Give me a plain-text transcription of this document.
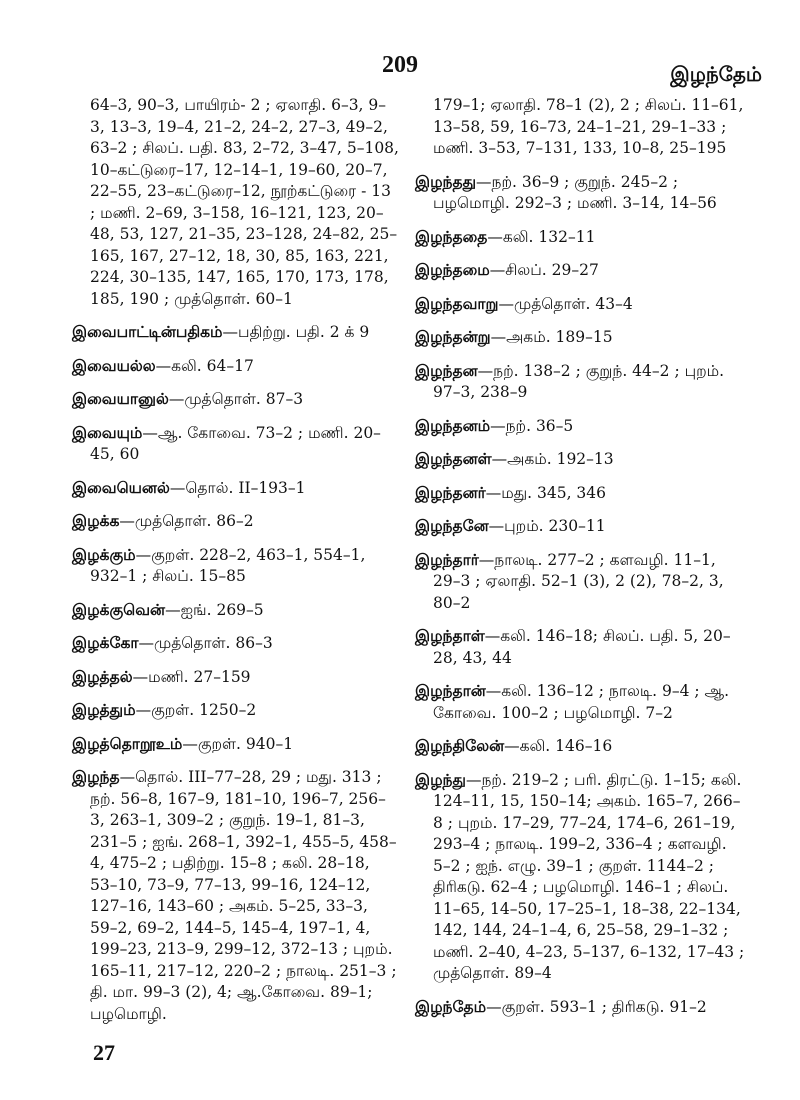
209	இழந்தேம்
64–3, 90–3, பாயிரம்- 2 ; ஏலாதி. 6–3, 9–3, 13–3, 19–4, 21–2, 24–2, 27–3, 49–2, 63–2 ; சிலப். பதி. 83, 2–72, 3–47, 5–108, 10–கட்டுரை–17, 12–14–1, 19–60, 20–7, 22–55, 23–கட்டுரை–12, நூற்கட்டுரை - 13 ; மணி. 2–69, 3–158, 16–121, 123, 20–48, 53, 127, 21–35, 23–128, 24–82, 25–165, 167, 27–12, 18, 30, 85, 163, 221, 224, 30–135, 147, 165, 170, 173, 178, 185, 190 ; முத்தொள். 60–1
இவைபாட்டின்பதிகம்—பதிற்று. பதி. 2 க் 9
இவையல்ல—கலி. 64–17
இவையானுல்—முத்தொள். 87–3
இவையும்—ஆ. கோவை. 73–2 ; மணி. 20–45, 60
இவையெனல்—தொல். II–193–1
இழக்க—முத்தொள். 86–2
இழக்கும்—குறள். 228–2, 463–1, 554–1, 932–1 ; சிலப். 15–85
இழக்குவென்—ஐங். 269–5
இழக்கோ—முத்தொள். 86–3
இழத்தல்—மணி. 27–159
இழத்தும்—குறள். 1250–2
இழத்தொறூஉம்—குறள். 940–1
இழந்த—தொல். III–77–28, 29 ; மது. 313 ; நற். 56–8, 167–9, 181–10, 196–7, 256–3, 263–1, 309–2 ; குறுந். 19–1, 81–3, 231–5 ; ஐங். 268–1, 392–1, 455–5, 458–4, 475–2 ; பதிற்று. 15–8 ; கலி. 28–18, 53–10, 73–9, 77–13, 99–16, 124–12, 127–16, 143–60 ; அகம். 5–25, 33–3, 59–2, 69–2, 144–5, 145–4, 197–1, 4, 199–23, 213–9, 299–12, 372–13 ; புறம். 165–11, 217–12, 220–2 ; நாலடி. 251–3 ; தி. மா. 99–3 (2), 4; ஆ.கோவை. 89–1; பழமொழி.
179–1; ஏலாதி. 78–1 (2), 2 ; சிலப். 11–61, 13–58, 59, 16–73, 24–1–21, 29–1–33 ; மணி. 3–53, 7–131, 133, 10–8, 25–195
இழந்தது—நற். 36–9 ; குறுந். 245–2 ; பழமொழி. 292–3 ; மணி. 3–14, 14–56
இழந்ததை—கலி. 132–11
இழந்தமை—சிலப். 29–27
இழந்தவாறு—முத்தொள். 43–4
இழந்தன்று—அகம். 189–15
இழந்தன—நற். 138–2 ; குறுந். 44–2 ; புறம். 97–3, 238–9
இழந்தனம்—நற். 36–5
இழந்தனள்—அகம். 192–13
இழந்தனர்—மது. 345, 346
இழந்தனே—புறம். 230–11
இழந்தார்—நாலடி. 277–2 ; களவழி. 11–1, 29–3 ; ஏலாதி. 52–1 (3), 2 (2), 78–2, 3, 80–2
இழந்தாள்—கலி. 146–18; சிலப். பதி. 5, 20–28, 43, 44
இழந்தான்—கலி. 136–12 ; நாலடி. 9–4 ; ஆ. கோவை. 100–2 ; பழமொழி. 7–2
இழந்திலேன்—கலி. 146–16
இழந்து—நற். 219–2 ; பரி. திரட்டு. 1–15; கலி. 124–11, 15, 150–14; அகம். 165–7, 266–8 ; புறம். 17–29, 77–24, 174–6, 261–19, 293–4 ; நாலடி. 199–2, 336–4 ; களவழி. 5–2 ; ஐந். எழு. 39–1 ; குறள். 1144–2 ; திரிகடு. 62–4 ; பழமொழி. 146–1 ; சிலப். 11–65, 14–50, 17–25–1, 18–38, 22–134, 142, 144, 24–1–4, 6, 25–58, 29–1–32 ; மணி. 2–40, 4–23, 5–137, 6–132, 17–43 ; முத்தொள். 89–4
இழந்தேம்—குறள். 593–1 ; திரிகடு. 91–2
27
